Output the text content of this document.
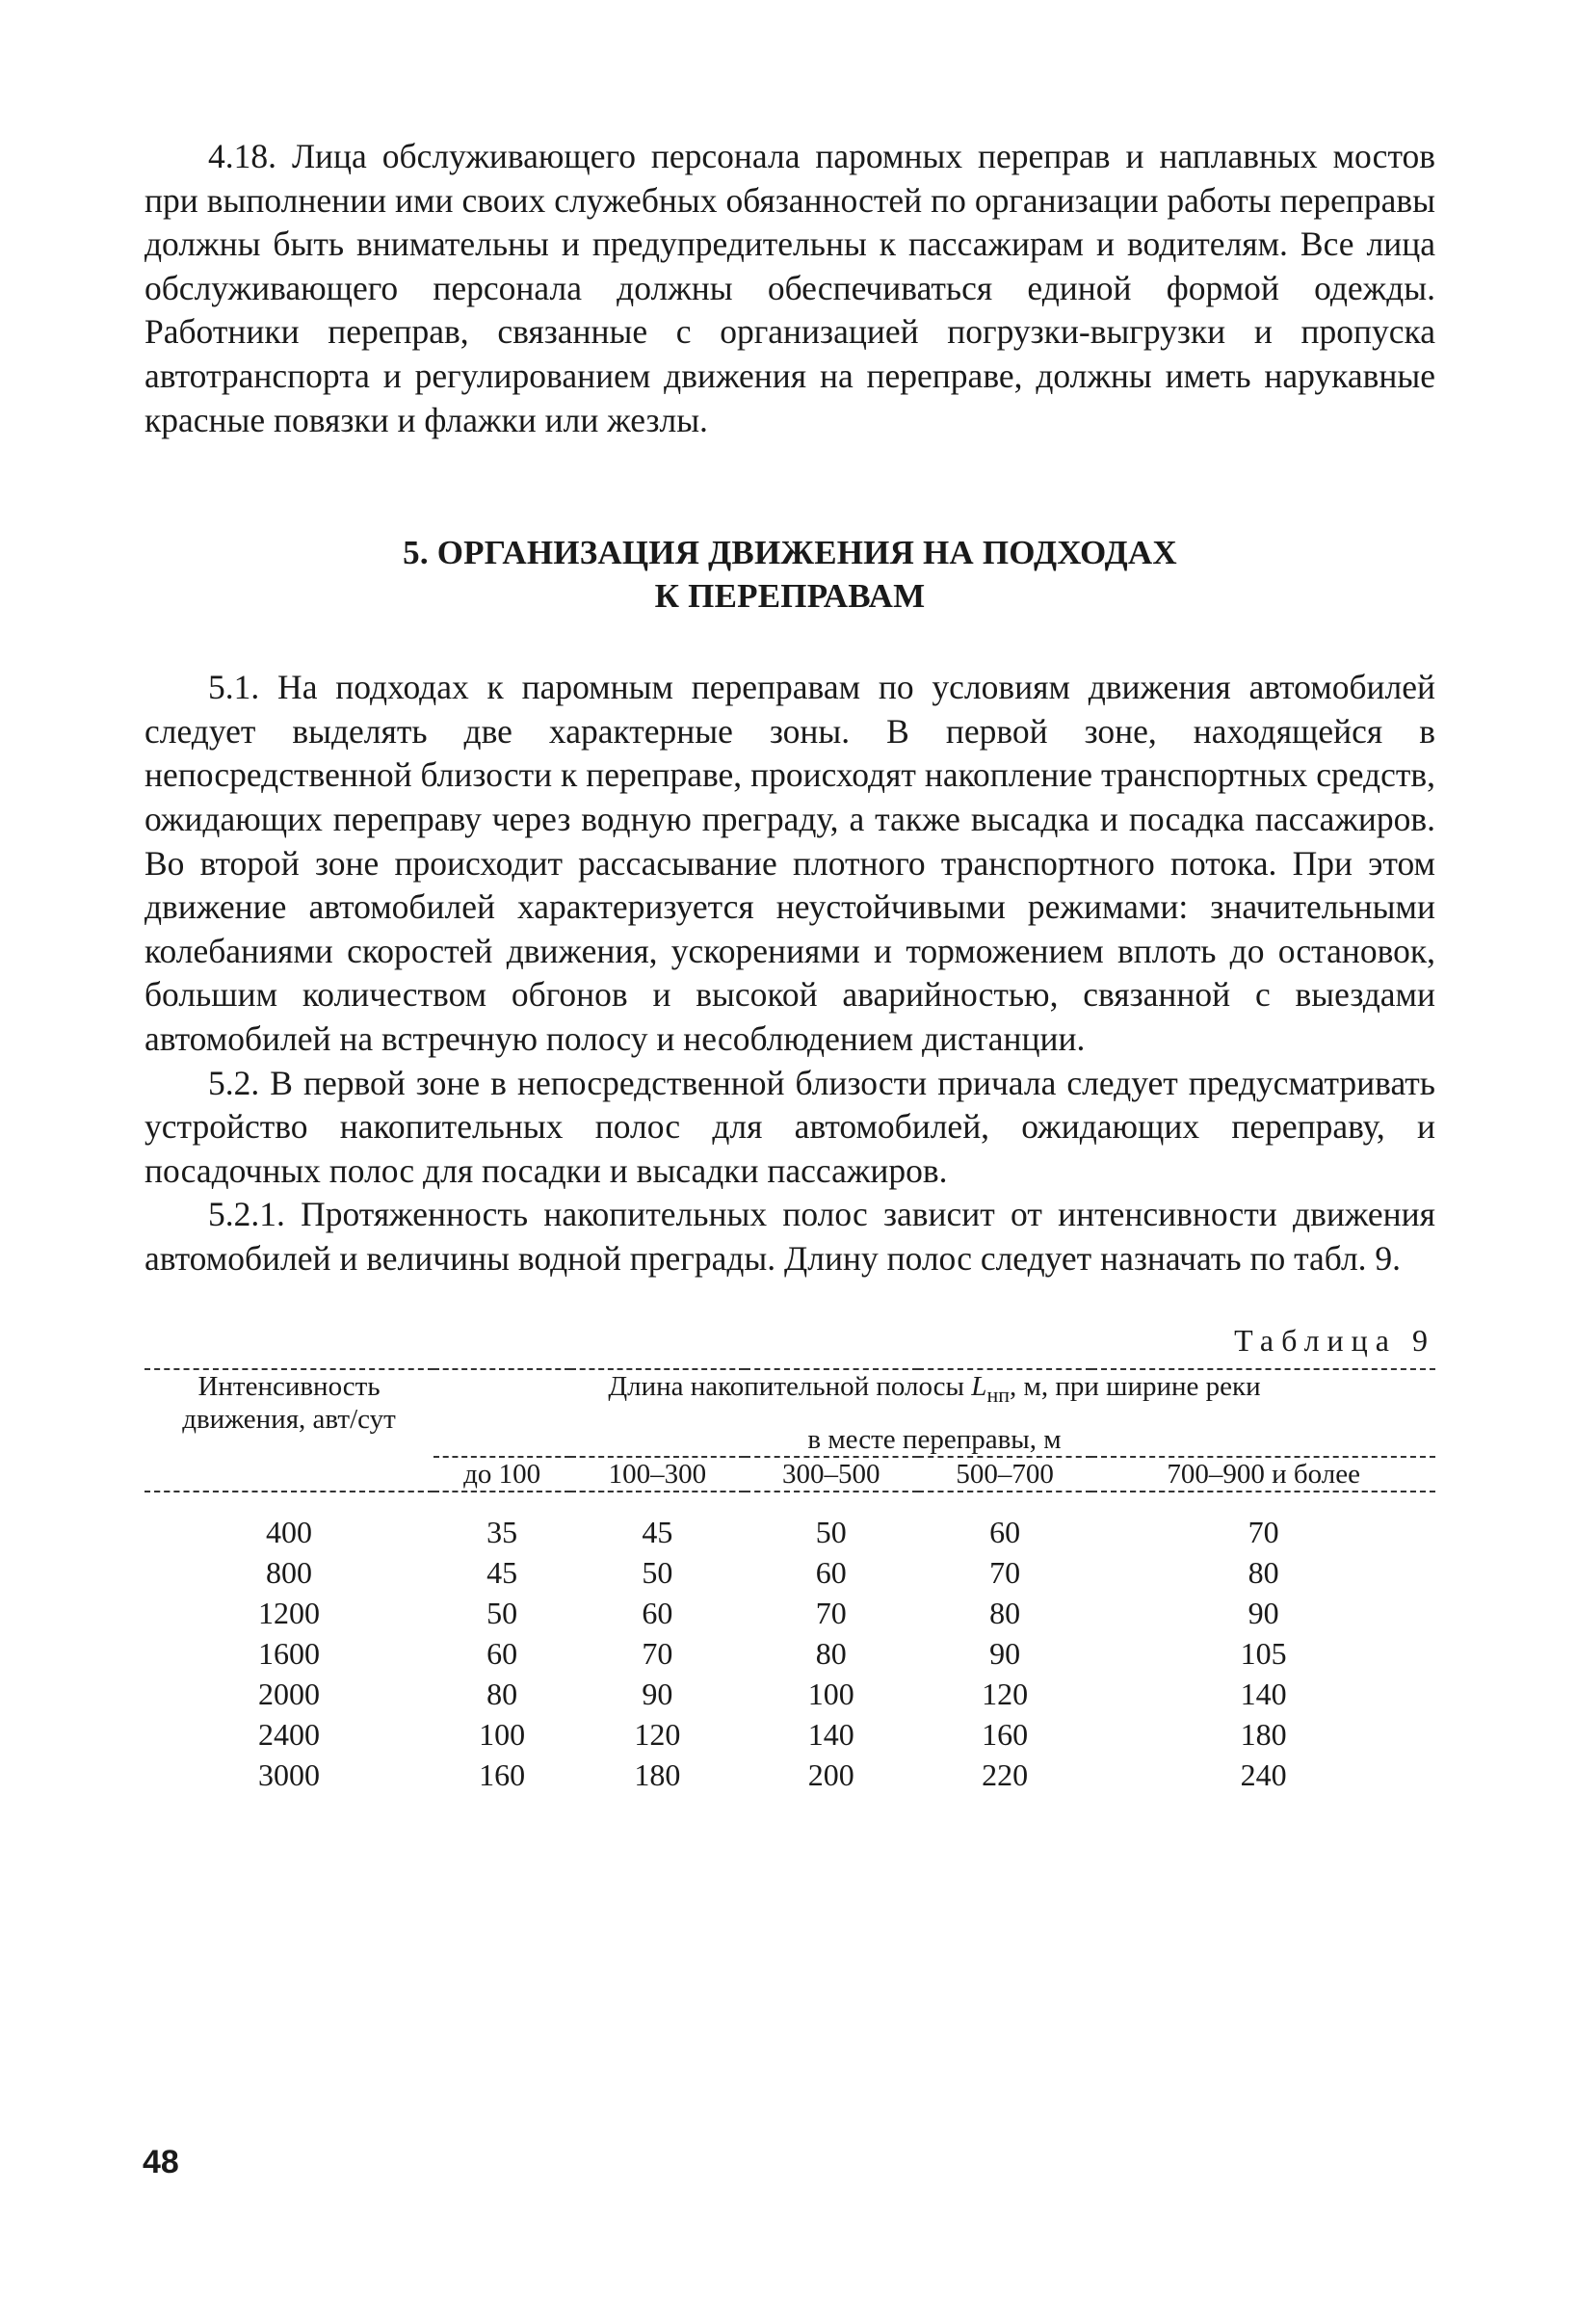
4.18. Лица обслуживающего персонала паромных переправ и наплавных мостов при выполнении ими своих служебных обязанностей по организации работы переправы должны быть внимательны и предупредительны к пассажирам и водителям. Все лица обслуживающего персонала должны обеспечиваться единой формой одежды. Работники переправ, связанные с организацией погрузки-выгрузки и пропуска автотранспорта и регулированием движения на переправе, должны иметь нарукавные красные повязки и флажки или жезлы.

5. ОРГАНИЗАЦИЯ ДВИЖЕНИЯ НА ПОДХОДАХ
К ПЕРЕПРАВАМ

5.1. На подходах к паромным переправам по условиям движения автомобилей следует выделять две характерные зоны. В первой зоне, находящейся в непосредственной близости к переправе, происходят накопление транспортных средств, ожидающих переправу через водную преграду, а также высадка и посадка пассажиров. Во второй зоне происходит рассасывание плотного транспортного потока. При этом движение автомобилей характеризуется неустойчивыми режимами: значительными колебаниями скоростей движения, ускорениями и торможением вплоть до остановок, большим количеством обгонов и высокой аварийностью, связанной с выездами автомобилей на встречную полосу и несоблюдением дистанции.

5.2. В первой зоне в непосредственной близости причала следует предусматривать устройство накопительных полос для автомобилей, ожидающих переправу, и посадочных полос для посадки и высадки пассажиров.

5.2.1. Протяженность накопительных полос зависит от интенсивности движения автомобилей и величины водной преграды. Длину полос следует назначать по табл. 9.

Таблица 9
Интенсивность движения, авт/сут	Длина накопительной полосы $L_{нп}$, м, при ширине реки
в месте переправы, м				

	до 100	100–300	300–500	500–700	700–900 и более
400	35	45	50	60	70
800	45	50	60	70	80
1200	50	60	70	80	90
1600	60	70	80	90	105
2000	80	90	100	120	140
2400	100	120	140	160	180
3000	160	180	200	220	240
48
